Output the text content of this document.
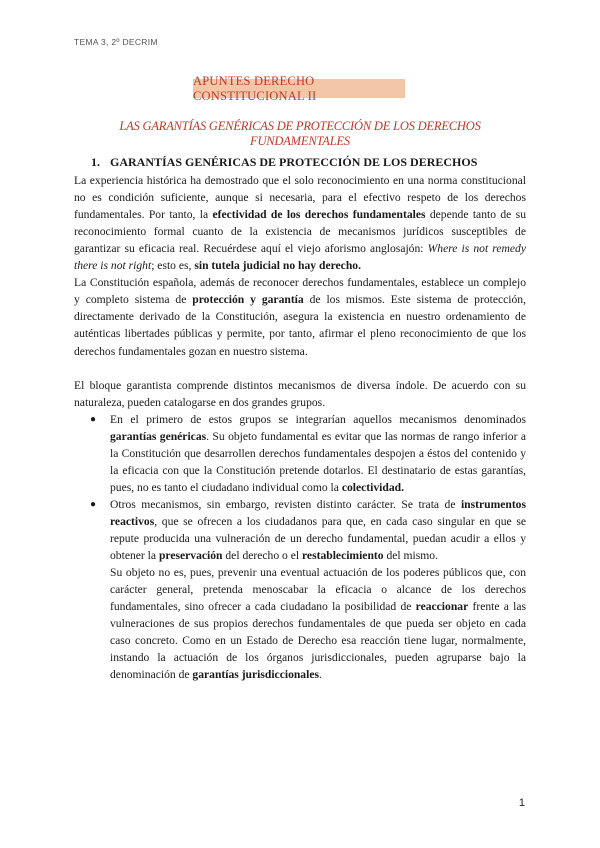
TEMA 3, 2º DECRIM
APUNTES DERECHO CONSTITUCIONAL II
LAS GARANTÍAS GENÉRICAS DE PROTECCIÓN DE LOS DERECHOS FUNDAMENTALES
1. GARANTÍAS GENÉRICAS DE PROTECCIÓN DE LOS DERECHOS

La experiencia histórica ha demostrado que el solo reconocimiento en una norma constitucional no es condición suficiente, aunque si necesaria, para el efectivo respeto de los derechos fundamentales. Por tanto, la efectividad de los derechos fundamentales depende tanto de su reconocimiento formal cuanto de la existencia de mecanismos jurídicos susceptibles de garantizar su eficacia real. Recuérdese aquí el viejo aforismo anglosajón: Where is not remedy there is not right; esto es, sin tutela judicial no hay derecho.

La Constitución española, además de reconocer derechos fundamentales, establece un complejo y completo sistema de protección y garantía de los mismos. Este sistema de protección, directamente derivado de la Constitución, asegura la existencia en nuestro ordenamiento de auténticas libertades públicas y permite, por tanto, afirmar el pleno reconocimiento de que los derechos fundamentales gozan en nuestro sistema.

El bloque garantista comprende distintos mecanismos de diversa índole. De acuerdo con su naturaleza, pueden catalogarse en dos grandes grupos.

● En el primero de estos grupos se integrarían aquellos mecanismos denominados garantías genéricas. Su objeto fundamental es evitar que las normas de rango inferior a la Constitución que desarrollen derechos fundamentales despojen a éstos del contenido y la eficacia con que la Constitución pretende dotarlos. El destinatario de estas garantías, pues, no es tanto el ciudadano individual como la colectividad.

● Otros mecanismos, sin embargo, revisten distinto carácter. Se trata de instrumentos reactivos, que se ofrecen a los ciudadanos para que, en cada caso singular en que se repute producida una vulneración de un derecho fundamental, puedan acudir a ellos y obtener la preservación del derecho o el restablecimiento del mismo.

Su objeto no es, pues, prevenir una eventual actuación de los poderes públicos que, con carácter general, pretenda menoscabar la eficacia o alcance de los derechos fundamentales, sino ofrecer a cada ciudadano la posibilidad de reaccionar frente a las vulneraciones de sus propios derechos fundamentales de que pueda ser objeto en cada caso concreto. Como en un Estado de Derecho esa reacción tiene lugar, normalmente, instando la actuación de los órganos jurisdiccionales, pueden agruparse bajo la denominación de garantías jurisdiccionales.

1
